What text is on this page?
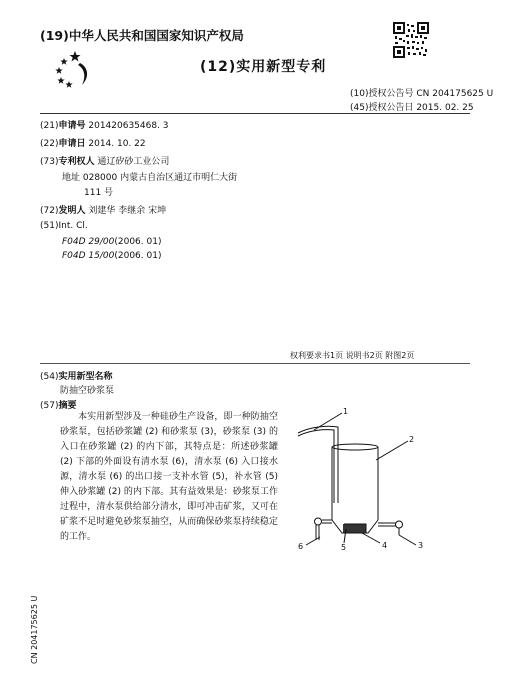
(19)中华人民共和国国家知识产权局
(12)实用新型专利
(10)授权公告号 CN 204175625 U
(45)授权公告日 2015. 02. 25
(21)申请号 201420635468. 3
(22)申请日 2014. 10. 22
(73)专利权人 通辽矽砂工业公司
地址 028000 内蒙古自治区通辽市明仁大街
111 号
(72)发明人 刘建华 李继余 宋坤
(51)Int. Cl.
F04D 29/00(2006. 01)
F04D 15/00(2006. 01)
权利要求书1页 说明书2页 附图2页
(54)实用新型名称
防抽空砂浆泵
(57)摘要

本实用新型涉及一种硅砂生产设备，即一种防抽空砂浆泵，包括砂浆罐 (2) 和砂浆泵 (3)，砂浆泵 (3) 的入口在砂浆罐 (2) 的内下部，其特点是：所述砂浆罐 (2) 下部的外面设有清水泵 (6)，清水泵 (6) 入口接水源，清水泵 (6) 的出口接一支补水管 (5)，补水管 (5) 伸入砂浆罐 (2) 的内下部。其有益效果是：砂浆泵工作过程中，清水泵供给部分清水，即可冲击矿浆，又可在矿浆不足时避免砂浆泵抽空，从而确保砂浆泵持续稳定的工作。

1
2
3
4
5
6
CN 204175625 U
